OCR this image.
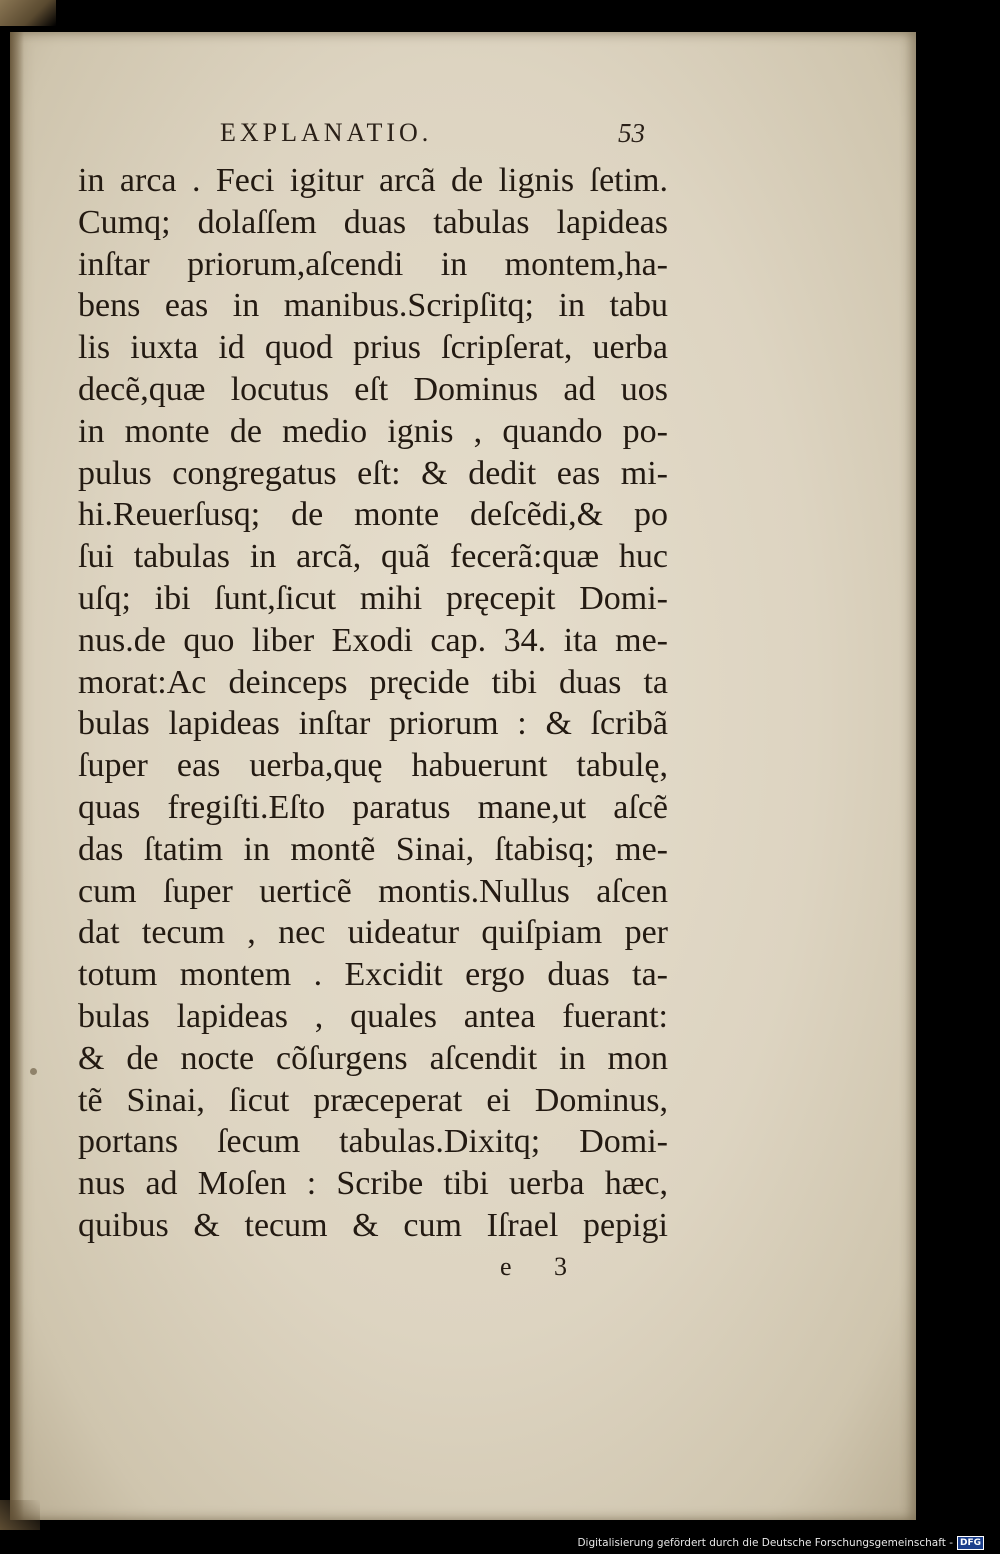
EXPLANATIO.	53
in arca . Feci igitur arcã de lignis ſetim.
Cumq; dolaſſem duas tabulas lapideas
inſtar priorum,aſcendi in montem,ha-
bens eas in manibus.Scripſitq; in tabu
lis iuxta id quod prius ſcripſerat, uerba
decẽ,quæ locutus eſt Dominus ad uos
in monte de medio ignis , quando po-
pulus congregatus eſt: & dedit eas mi-
hi.Reuerſusq; de monte deſcẽdi,& po
ſui tabulas in arcã, quã fecerã:quæ huc
uſq; ibi ſunt,ſicut mihi pręcepit Domi-
nus.de quo liber Exodi cap. 34. ita me-
morat:Ac deinceps pręcide tibi duas ta
bulas lapideas inſtar priorum : & ſcribã
ſuper eas uerba,quę habuerunt tabulę,
quas fregiſti.Eſto paratus mane,ut aſcẽ
das ſtatim in montẽ Sinai, ſtabisq; me-
cum ſuper uerticẽ montis.Nullus aſcen
dat tecum , nec uideatur quiſpiam per
totum montem . Excidit ergo duas ta-
bulas lapideas , quales antea fuerant:
& de nocte cõſurgens aſcendit in mon
tẽ Sinai, ſicut præceperat ei Dominus,
portans ſecum tabulas.Dixitq; Domi-
nus ad Moſen : Scribe tibi uerba hæc,
quibus & tecum & cum Iſrael pepigi
e 3
Digitalisierung gefördert durch die Deutsche Forschungsgemeinschaft - DFG
